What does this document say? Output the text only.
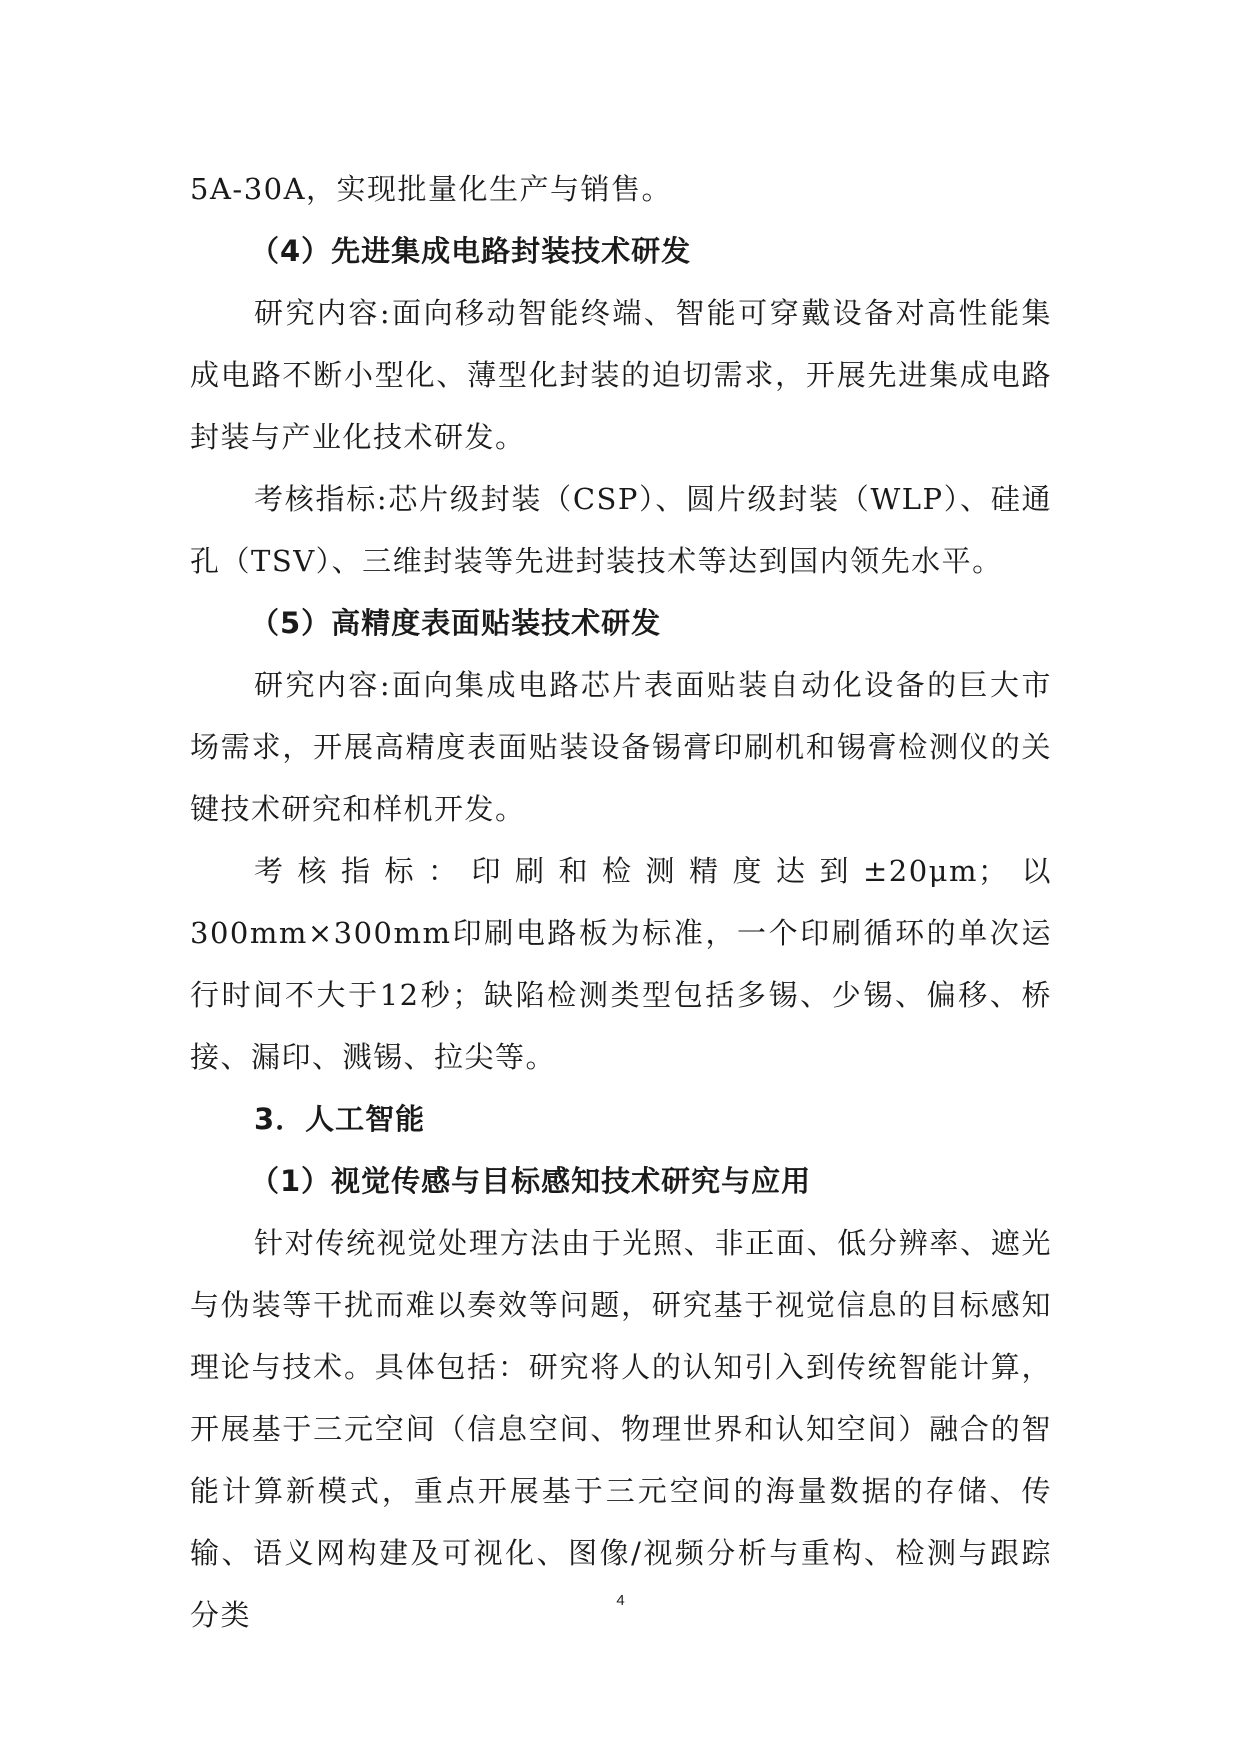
5A-30A，实现批量化生产与销售。

（4）先进集成电路封装技术研发

研究内容:面向移动智能终端、智能可穿戴设备对高性能集成电路不断小型化、薄型化封装的迫切需求，开展先进集成电路封装与产业化技术研发。

考核指标:芯片级封装（CSP）、圆片级封装（WLP）、硅通孔（TSV）、三维封装等先进封装技术等达到国内领先水平。

（5）高精度表面贴装技术研发

研究内容:面向集成电路芯片表面贴装自动化设备的巨大市场需求，开展高精度表面贴装设备锡膏印刷机和锡膏检测仪的关键技术研究和样机开发。

考核指标：印刷和检测精度达到±20μm；以300mm×300mm印刷电路板为标准，一个印刷循环的单次运行时间不大于12秒；缺陷检测类型包括多锡、少锡、偏移、桥接、漏印、溅锡、拉尖等。

3．人工智能

（1）视觉传感与目标感知技术研究与应用

针对传统视觉处理方法由于光照、非正面、低分辨率、遮光与伪装等干扰而难以奏效等问题，研究基于视觉信息的目标感知理论与技术。具体包括：研究将人的认知引入到传统智能计算，开展基于三元空间（信息空间、物理世界和认知空间）融合的智能计算新模式，重点开展基于三元空间的海量数据的存储、传输、语义网构建及可视化、图像/视频分析与重构、检测与跟踪分类	4
